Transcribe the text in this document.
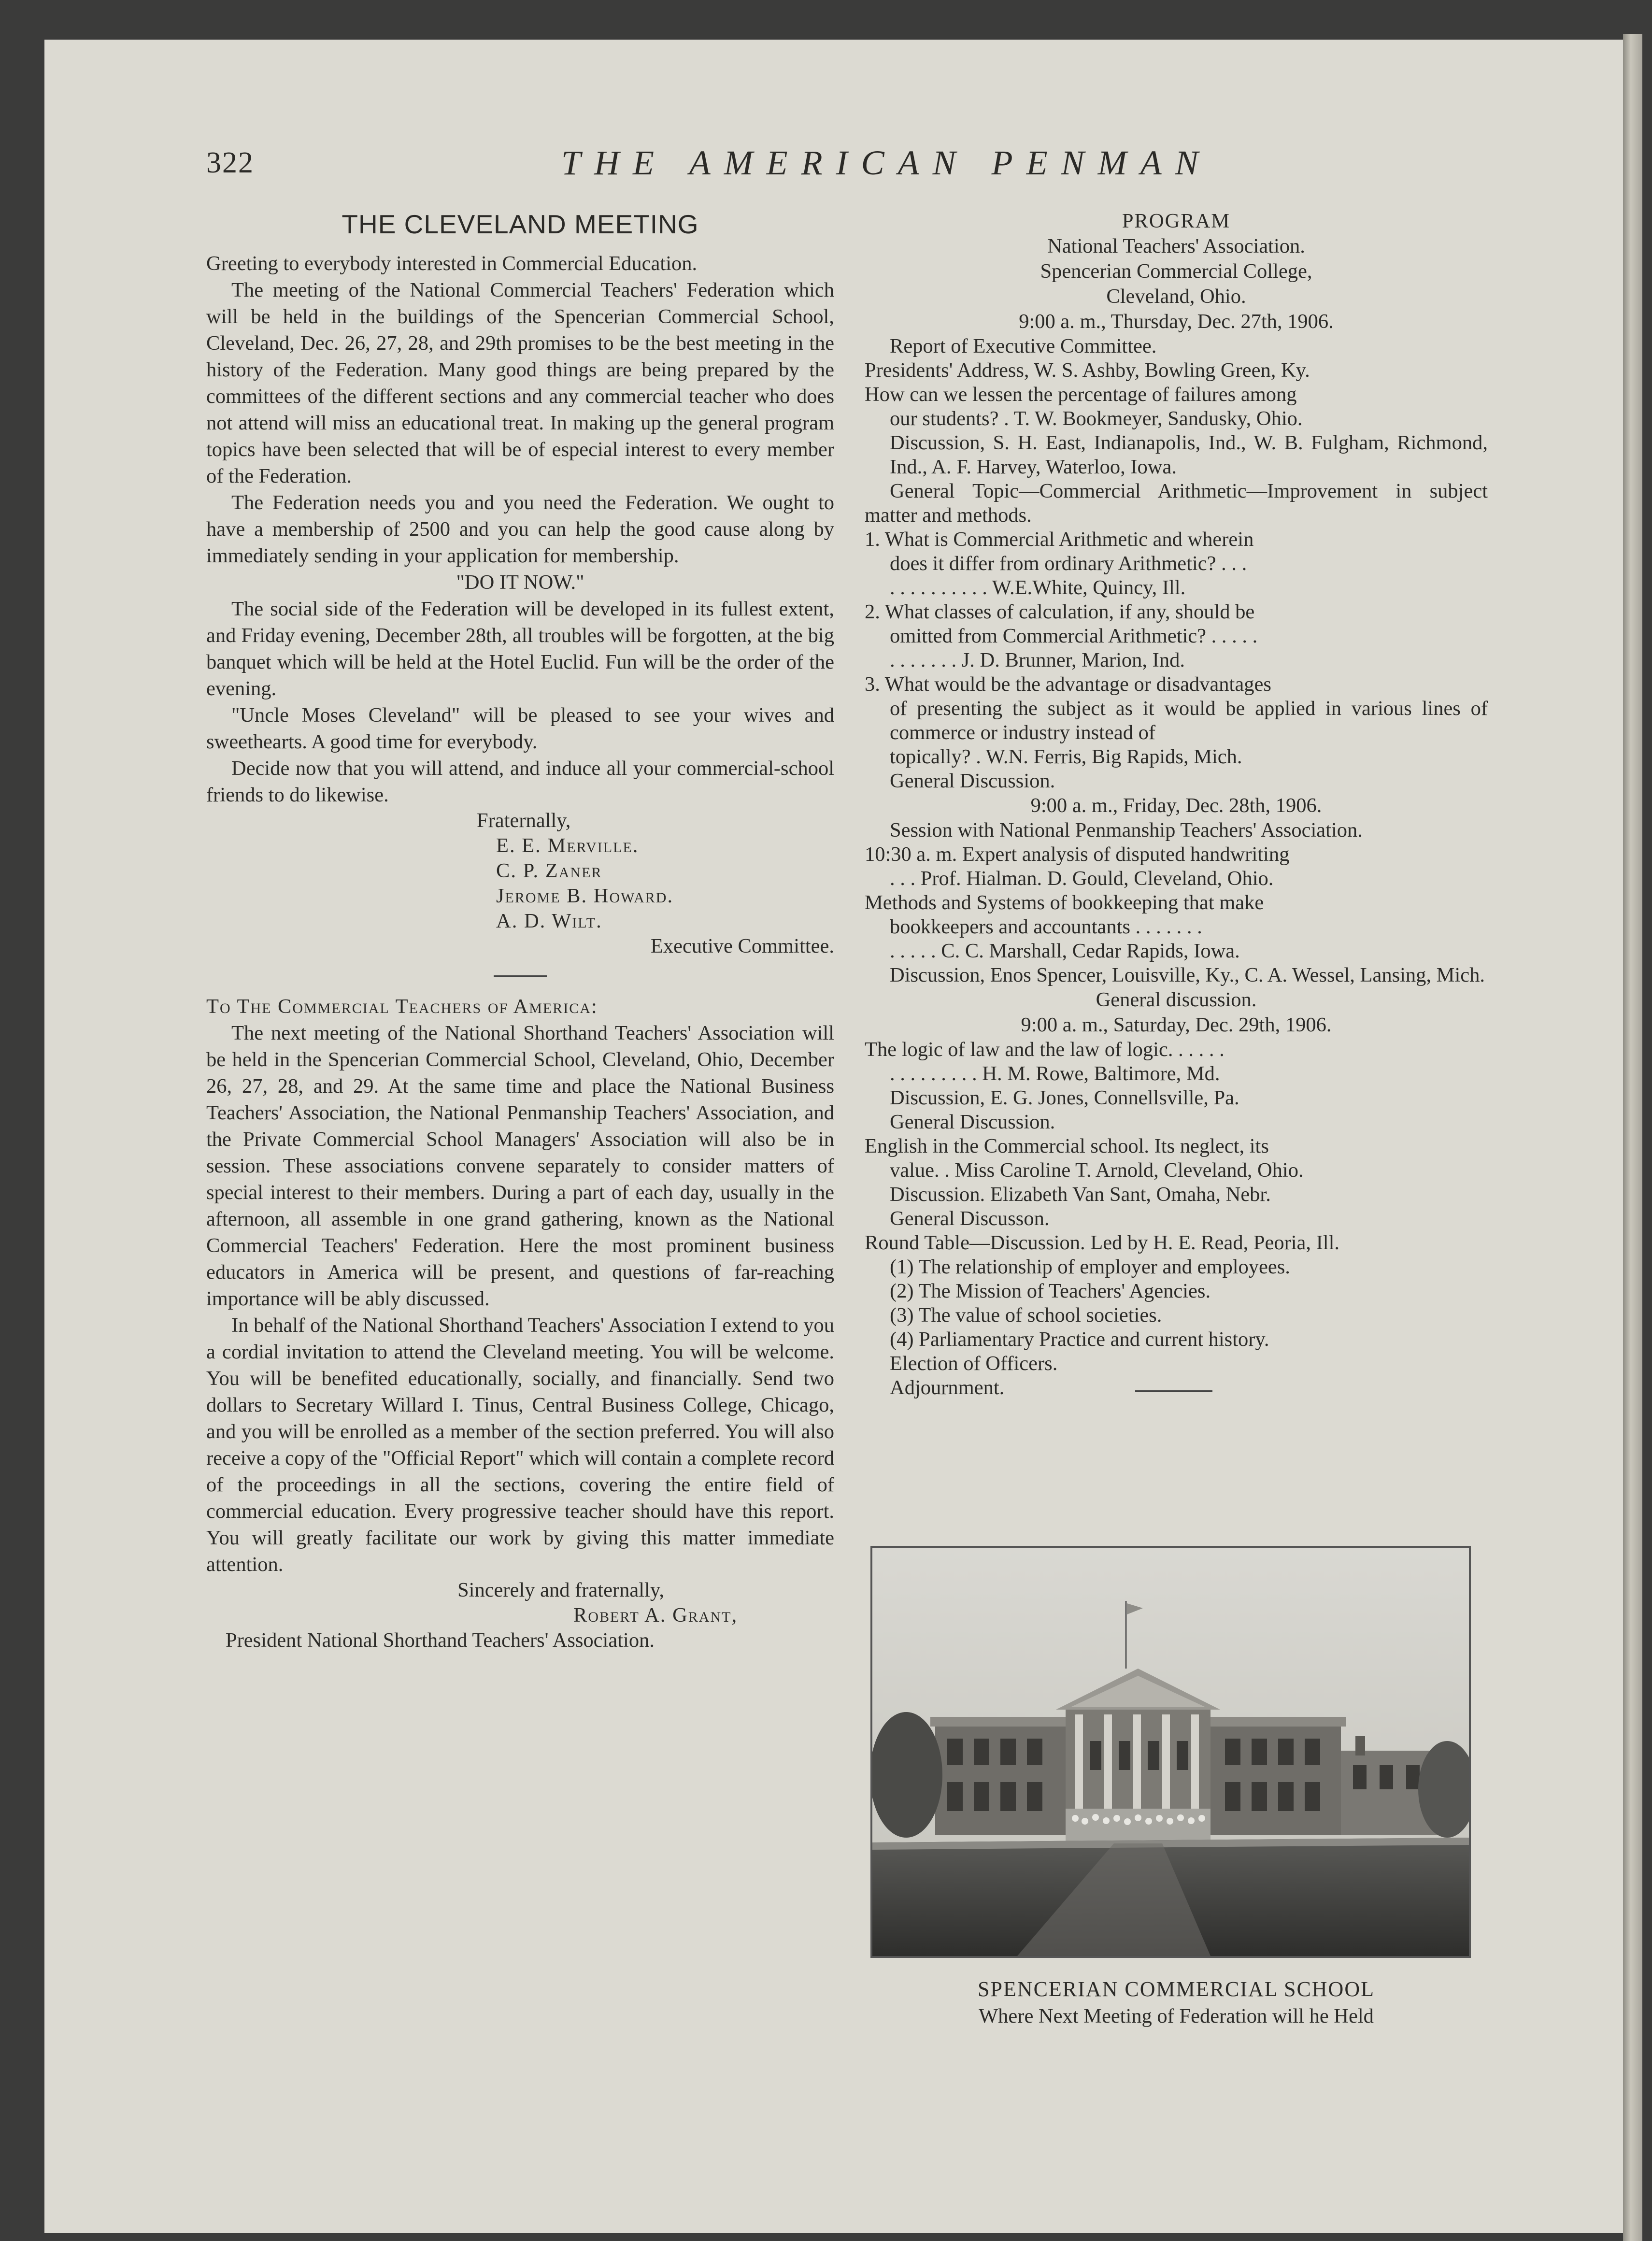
322	THE AMERICAN PENMAN
THE CLEVELAND MEETING

Greeting to everybody interested in Commercial Education.

The meeting of the National Commercial Teachers' Federation which will be held in the buildings of the Spencerian Commercial School, Cleveland, Dec. 26, 27, 28, and 29th promises to be the best meeting in the history of the Federation. Many good things are being prepared by the committees of the different sections and any commercial teacher who does not attend will miss an educational treat. In making up the general program topics have been selected that will be of especial interest to every member of the Federation.

The Federation needs you and you need the Federation. We ought to have a membership of 2500 and you can help the good cause along by immediately sending in your application for membership.

"DO IT NOW."

The social side of the Federation will be developed in its fullest extent, and Friday evening, December 28th, all troubles will be forgotten, at the big banquet which will be held at the Hotel Euclid. Fun will be the order of the evening.

"Uncle Moses Cleveland" will be pleased to see your wives and sweethearts. A good time for everybody.

Decide now that you will attend, and induce all your commercial-school friends to do likewise.

Fraternally,

E. E. Merville.

C. P. Zaner

Jerome B. Howard.

A. D. Wilt.

Executive Committee.

To The Commercial Teachers of America:

The next meeting of the National Shorthand Teachers' Association will be held in the Spencerian Commercial School, Cleveland, Ohio, December 26, 27, 28, and 29. At the same time and place the National Business Teachers' Association, the National Penmanship Teachers' Association, and the Private Commercial School Managers' Association will also be in session. These associations convene separately to consider matters of special interest to their members. During a part of each day, usually in the afternoon, all assemble in one grand gathering, known as the National Commercial Teachers' Federation. Here the most prominent business educators in America will be present, and questions of far-reaching importance will be ably discussed.

In behalf of the National Shorthand Teachers' Association I extend to you a cordial invitation to attend the Cleveland meeting. You will be welcome. You will be benefited educationally, socially, and financially. Send two dollars to Secretary Willard I. Tinus, Central Business College, Chicago, and you will be enrolled as a member of the section preferred. You will also receive a copy of the "Official Report" which will contain a complete record of the proceedings in all the sections, covering the entire field of commercial education. Every progressive teacher should have this report. You will greatly facilitate our work by giving this matter immediate attention.

Sincerely and fraternally,

Robert A. Grant,

President National Shorthand Teachers' Association.

PROGRAM

National Teachers' Association.

Spencerian Commercial College,

Cleveland, Ohio.

9:00 a. m., Thursday, Dec. 27th, 1906.

Report of Executive Committee.

Presidents' Address, W. S. Ashby, Bowling Green, Ky.

How can we lessen the percentage of failures among

our students? . T. W. Bookmeyer, Sandusky, Ohio.

Discussion, S. H. East, Indianapolis, Ind., W. B. Fulgham, Richmond, Ind., A. F. Harvey, Waterloo, Iowa.

General Topic—Commercial Arithmetic—Improvement in subject matter and methods.

1. What is Commercial Arithmetic and wherein

does it differ from ordinary Arithmetic? . . .

. . . . . . . . . . W.E.White, Quincy, Ill.

2. What classes of calculation, if any, should be

omitted from Commercial Arithmetic? . . . . .

. . . . . . . J. D. Brunner, Marion, Ind.

3. What would be the advantage or disadvantages

of presenting the subject as it would be applied in various lines of commerce or industry instead of

topically? . W.N. Ferris, Big Rapids, Mich.

General Discussion.

9:00 a. m., Friday, Dec. 28th, 1906.

Session with National Penmanship Teachers' Association.

10:30 a. m. Expert analysis of disputed handwriting

. . . Prof. Hialman. D. Gould, Cleveland, Ohio.

Methods and Systems of bookkeeping that make

bookkeepers and accountants . . . . . . .

. . . . . C. C. Marshall, Cedar Rapids, Iowa.

Discussion, Enos Spencer, Louisville, Ky., C. A. Wessel, Lansing, Mich.

General discussion.

9:00 a. m., Saturday, Dec. 29th, 1906.

The logic of law and the law of logic. . . . . .

. . . . . . . . . H. M. Rowe, Baltimore, Md.

Discussion, E. G. Jones, Connellsville, Pa.

General Discussion.

English in the Commercial school. Its neglect, its

value. . Miss Caroline T. Arnold, Cleveland, Ohio.

Discussion. Elizabeth Van Sant, Omaha, Nebr.

General Discusson.

Round Table—Discussion. Led by H. E. Read, Peoria, Ill.

(1) The relationship of employer and employees.

(2) The Mission of Teachers' Agencies.

(3) The value of school societies.

(4) Parliamentary Practice and current history.

Election of Officers.

Adjournment.

SPENCERIAN COMMERCIAL SCHOOL

Where Next Meeting of Federation will he Held
